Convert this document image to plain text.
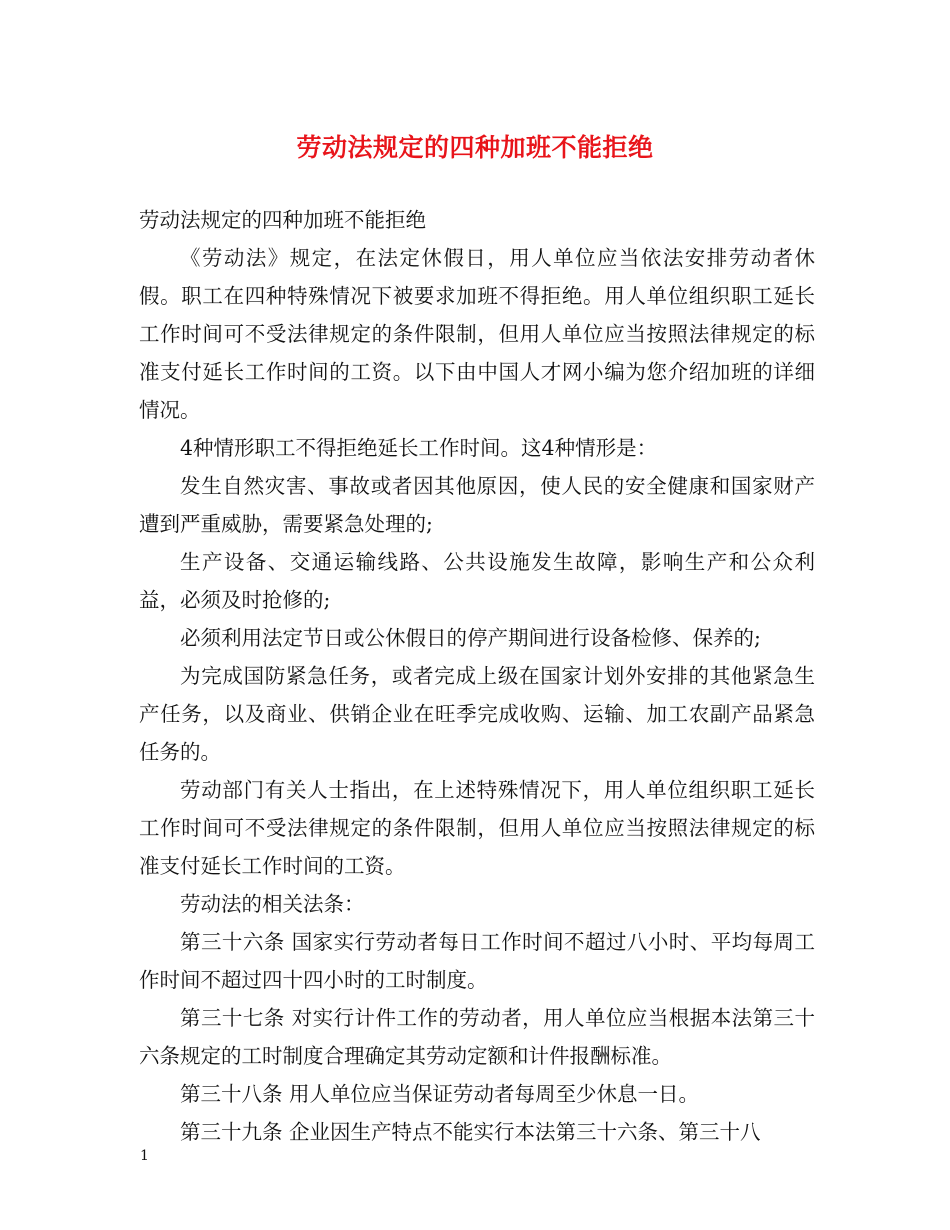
劳动法规定的四种加班不能拒绝

劳动法规定的四种加班不能拒绝

《劳动法》规定，在法定休假日，用人单位应当依法安排劳动者休假。职工在四种特殊情况下被要求加班不得拒绝。用人单位组织职工延长工作时间可不受法律规定的条件限制，但用人单位应当按照法律规定的标准支付延长工作时间的工资。以下由中国人才网小编为您介绍加班的详细情况。

4种情形职工不得拒绝延长工作时间。这4种情形是：

发生自然灾害、事故或者因其他原因，使人民的安全健康和国家财产遭到严重威胁，需要紧急处理的;

生产设备、交通运输线路、公共设施发生故障，影响生产和公众利益，必须及时抢修的;

必须利用法定节日或公休假日的停产期间进行设备检修、保养的;

为完成国防紧急任务，或者完成上级在国家计划外安排的其他紧急生产任务，以及商业、供销企业在旺季完成收购、运输、加工农副产品紧急任务的。

劳动部门有关人士指出，在上述特殊情况下，用人单位组织职工延长工作时间可不受法律规定的条件限制，但用人单位应当按照法律规定的标准支付延长工作时间的工资。

劳动法的相关法条：

第三十六条 国家实行劳动者每日工作时间不超过八小时、平均每周工作时间不超过四十四小时的工时制度。

第三十七条 对实行计件工作的劳动者，用人单位应当根据本法第三十六条规定的工时制度合理确定其劳动定额和计件报酬标准。

第三十八条 用人单位应当保证劳动者每周至少休息一日。

第三十九条 企业因生产特点不能实行本法第三十六条、第三十八

1
